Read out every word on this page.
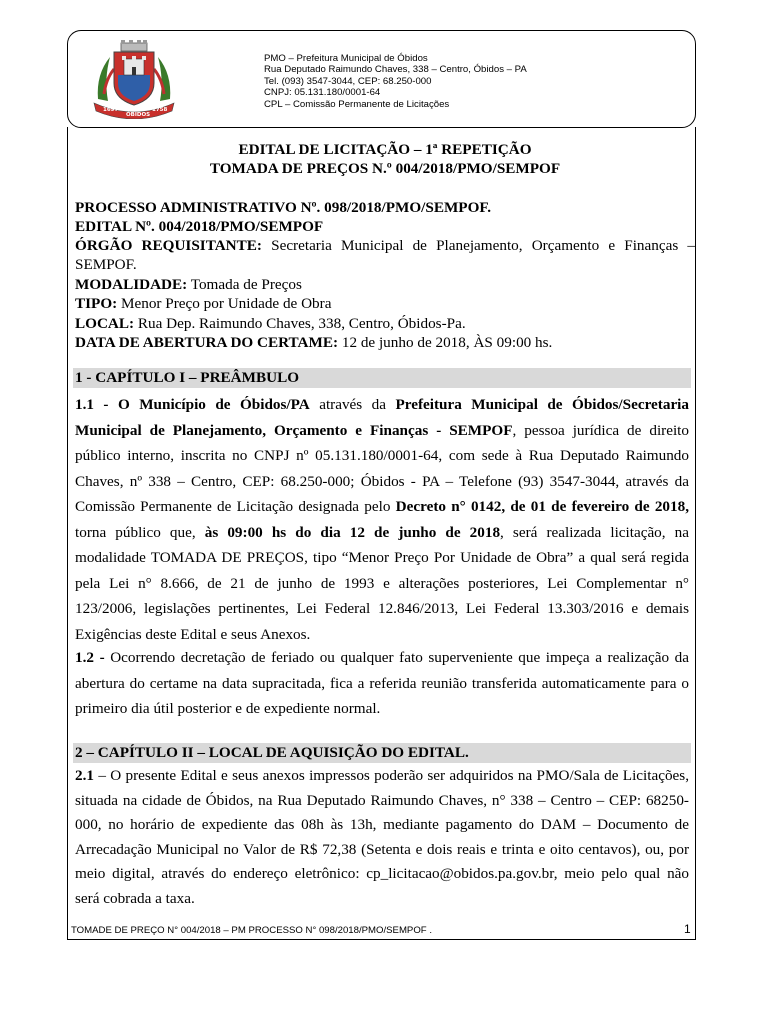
1697
ÓBIDOS
1758
PMO – Prefeitura Municipal de Óbidos
Rua Deputado Raimundo Chaves, 338 – Centro, Óbidos – PA
Tel. (093) 3547-3044, CEP: 68.250-000
CNPJ: 05.131.180/0001-64
CPL – Comissão Permanente de Licitações
EDITAL DE LICITAÇÃO – 1ª REPETIÇÃO
TOMADA DE PREÇOS N.º 004/2018/PMO/SEMPOF
PROCESSO ADMINISTRATIVO Nº. 098/2018/PMO/SEMPOF.
EDITAL Nº. 004/2018/PMO/SEMPOF
ÓRGÃO REQUISITANTE: Secretaria Municipal de Planejamento, Orçamento e Finanças –
SEMPOF.
MODALIDADE: Tomada de Preços
TIPO: Menor Preço por Unidade de Obra
LOCAL: Rua Dep. Raimundo Chaves, 338, Centro, Óbidos-Pa.
DATA DE ABERTURA DO CERTAME: 12 de junho de 2018, ÀS 09:00 hs.
1 - CAPÍTULO I – PREÂMBULO
1.1 - O Município de Óbidos/PA através da Prefeitura Municipal de Óbidos/Secretaria
Municipal de Planejamento, Orçamento e Finanças - SEMPOF, pessoa jurídica de direito
público interno, inscrita no CNPJ nº 05.131.180/0001-64, com sede à Rua Deputado Raimundo
Chaves, nº 338 – Centro, CEP: 68.250-000; Óbidos - PA – Telefone (93) 3547-3044, através da
Comissão Permanente de Licitação designada pelo Decreto n° 0142, de 01 de fevereiro de 2018,
torna público que, às 09:00 hs do dia 12 de junho de 2018, será realizada licitação, na
modalidade TOMADA DE PREÇOS, tipo “Menor Preço Por Unidade de Obra” a qual será regida
pela Lei n° 8.666, de 21 de junho de 1993 e alterações posteriores, Lei Complementar n°
123/2006, legislações pertinentes, Lei Federal 12.846/2013, Lei Federal 13.303/2016 e demais
Exigências deste Edital e seus Anexos.
1.2 - Ocorrendo decretação de feriado ou qualquer fato superveniente que impeça a realização da
abertura do certame na data supracitada, fica a referida reunião transferida automaticamente para o
primeiro dia útil posterior e de expediente normal.
2 – CAPÍTULO II – LOCAL DE AQUISIÇÃO DO EDITAL.
2.1 – O presente Edital e seus anexos impressos poderão ser adquiridos na PMO/Sala de Licitações,
situada na cidade de Óbidos, na Rua Deputado Raimundo Chaves, n° 338 – Centro – CEP: 68250-
000, no horário de expediente das 08h às 13h, mediante pagamento do DAM – Documento de
Arrecadação Municipal no Valor de R$ 72,38 (Setenta e dois reais e trinta e oito centavos), ou, por
meio digital, através do endereço eletrônico: cp_licitacao@obidos.pa.gov.br, meio pelo qual não
será cobrada a taxa.
TOMADE DE PREÇO N° 004/2018 – PM PROCESSO N° 098/2018/PMO/SEMPOF .	1
